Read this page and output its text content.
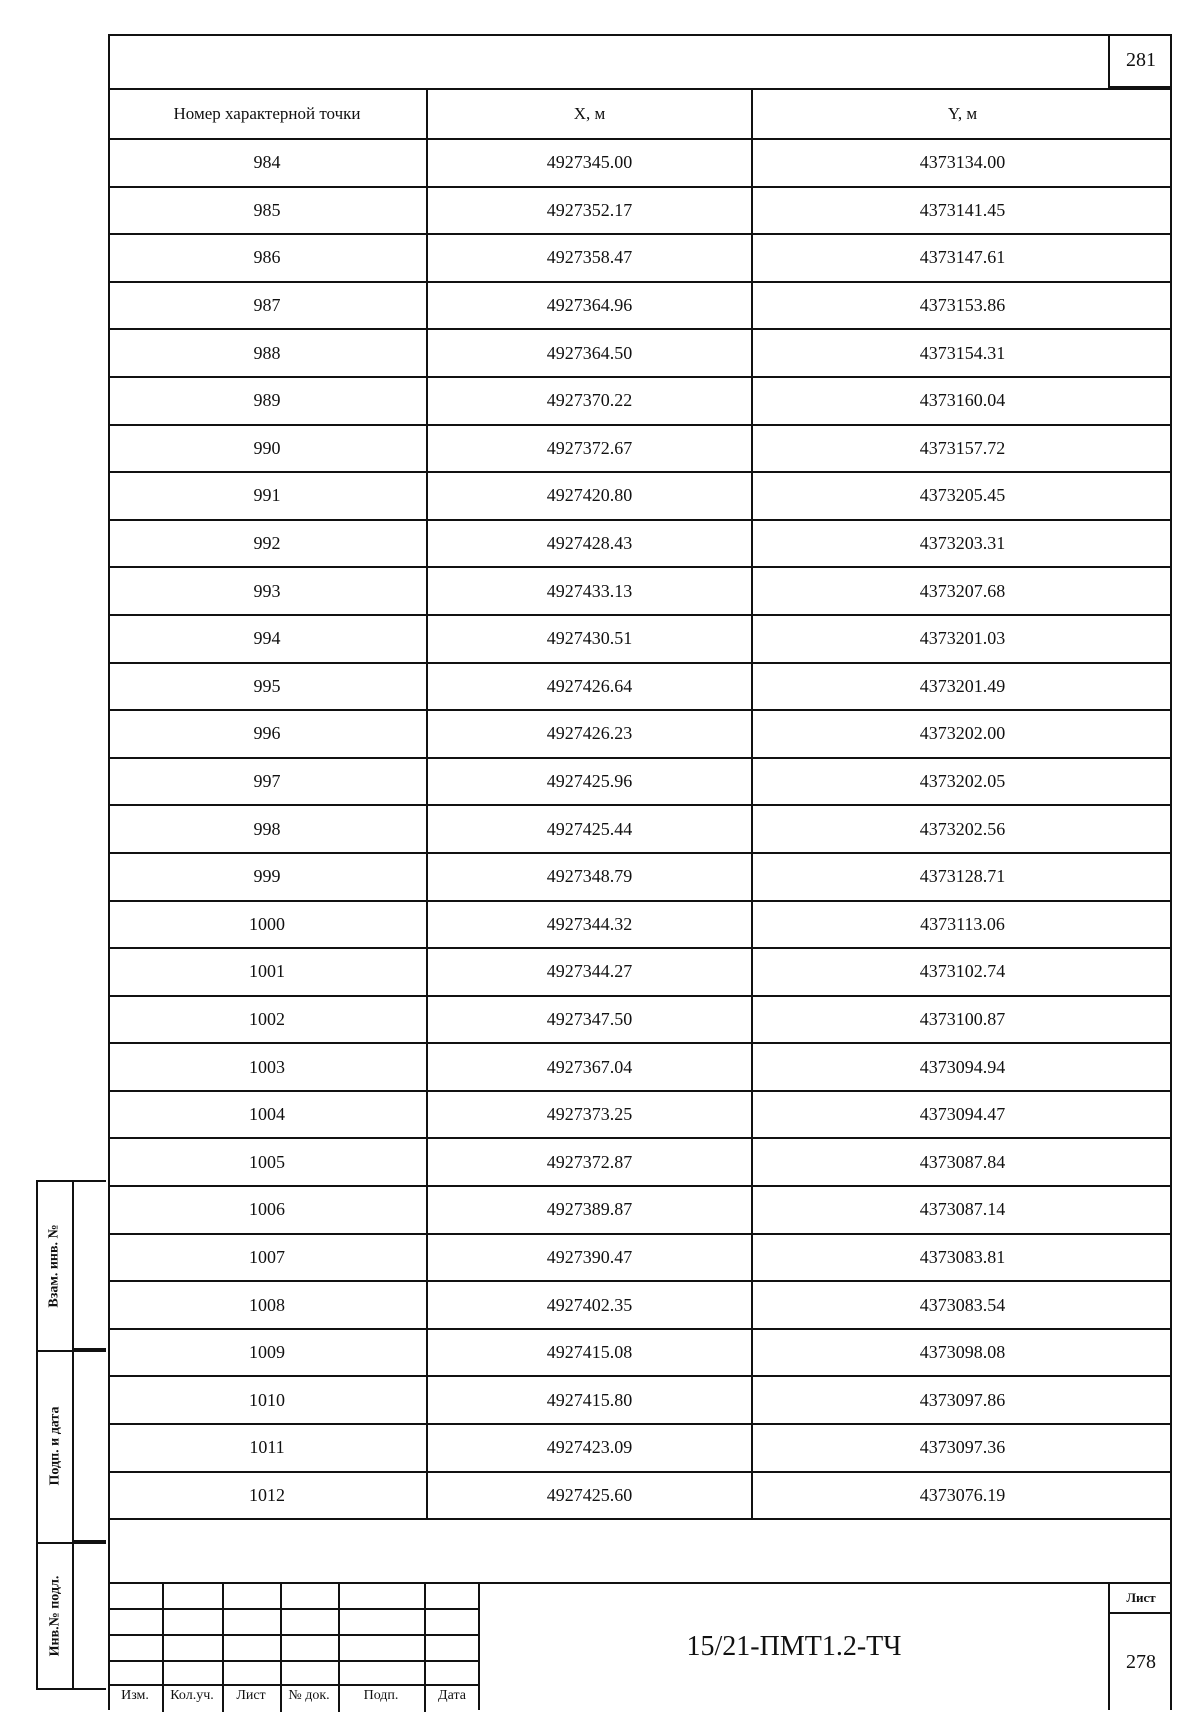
281
Номер характерной точки	X, м	Y, м
984	4927345.00	4373134.00
985	4927352.17	4373141.45
986	4927358.47	4373147.61
987	4927364.96	4373153.86
988	4927364.50	4373154.31
989	4927370.22	4373160.04
990	4927372.67	4373157.72
991	4927420.80	4373205.45
992	4927428.43	4373203.31
993	4927433.13	4373207.68
994	4927430.51	4373201.03
995	4927426.64	4373201.49
996	4927426.23	4373202.00
997	4927425.96	4373202.05
998	4927425.44	4373202.56
999	4927348.79	4373128.71
1000	4927344.32	4373113.06
1001	4927344.27	4373102.74
1002	4927347.50	4373100.87
1003	4927367.04	4373094.94
1004	4927373.25	4373094.47
1005	4927372.87	4373087.84
1006	4927389.87	4373087.14
1007	4927390.47	4373083.81
1008	4927402.35	4373083.54
1009	4927415.08	4373098.08
1010	4927415.80	4373097.86
1011	4927423.09	4373097.36
1012	4927425.60	4373076.19
Взам. инв. №
Подп. и дата
Инв.№ подл.
Изм.	Кол.уч.	Лист	№ док.	Подп.	Дата
15/21-ПМТ1.2-ТЧ
Лист
278
